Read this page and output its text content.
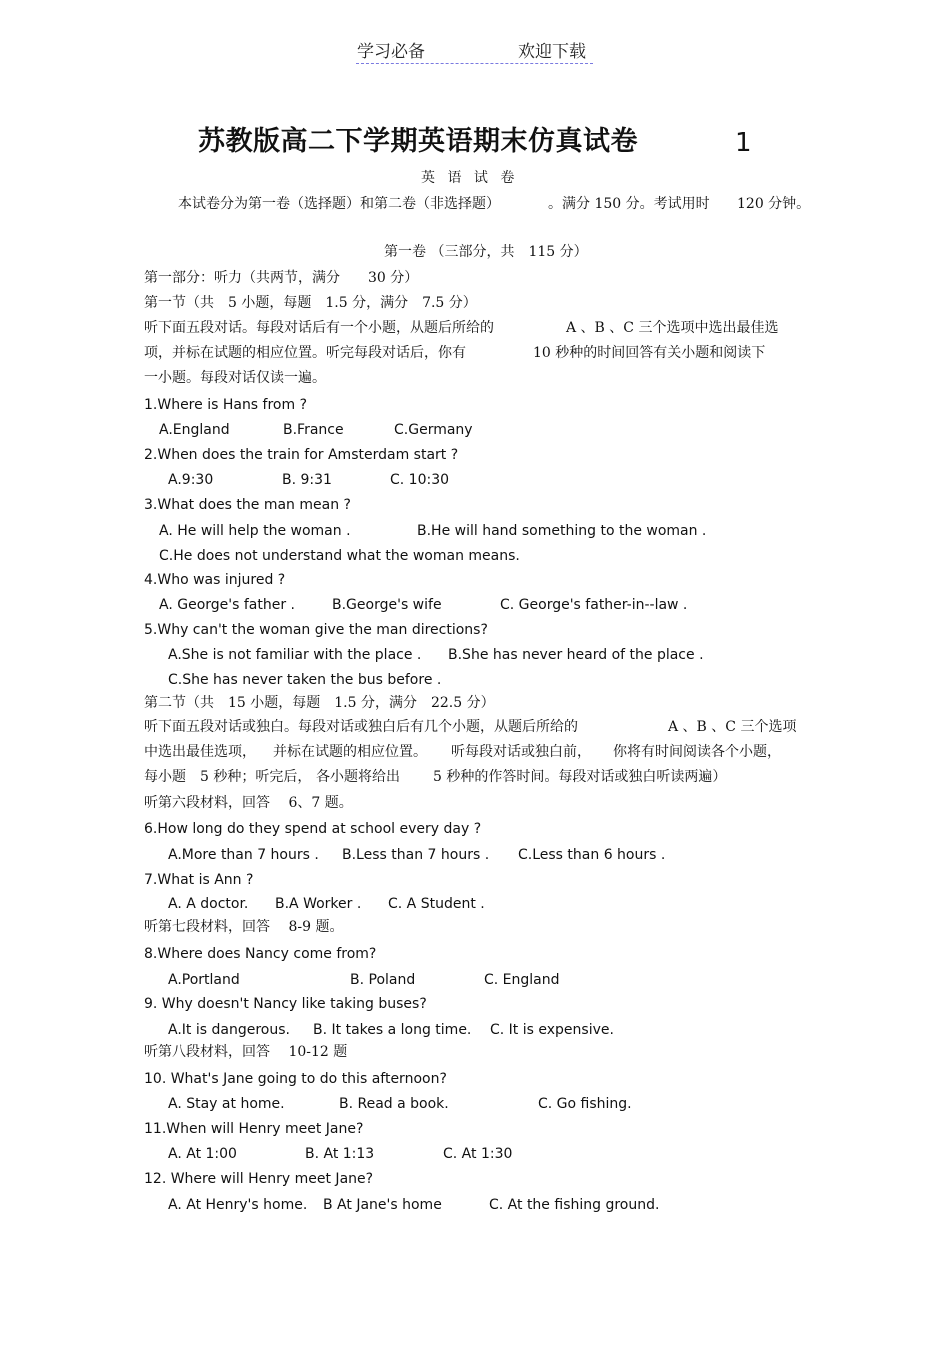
学习必备	欢迎下载
苏教版高二下学期英语期末仿真试卷	1
英 语 试 卷
本试卷分为第一卷（选择题）和第二卷（非选择题）	。满分 150 分。考试用时 120 分钟。
第一卷 （三部分，共　115 分）
第一部分：听力（共两节，满分　　30 分）
第一节（共　5 小题，每题　1.5 分，满分　7.5 分）
听下面五段对话。每段对话后有一个小题，从题后所给的	A 、B 、C 三个选项中选出最佳选
项，并标在试题的相应位置。听完每段对话后，你有	10 秒种的时间回答有关小题和阅读下
一小题。每段对话仅读一遍。
1.Where is Hans from ?
A.England	B.France	C.Germany
2.When does the train for Amsterdam start ?
A.9:30	B. 9:31	C. 10:30
3.What does the man mean ?
A. He will help the woman .	B.He will hand something to the woman .
C.He does not understand what the woman means.
4.Who was injured ?
A. George's father .	B.George's wife	C. George's father-in--law .
5.Why can't the woman give the man directions?
A.She is not familiar with the place . B.She has never heard of the place .
C.She has never taken the bus before .
第二节（共　15 小题，每题　1.5 分，满分　22.5 分）
听下面五段对话或独白。每段对话或独白后有几个小题，从题后所给的	A 、B 、C 三个选项
中选出最佳选项， 并标在试题的相应位置。 听每段对话或独白前， 你将有时间阅读各个小题，
每小题　5 秒种；听完后， 各小题将给出 5 秒种的作答时间。每段对话或独白听读两遍）
听第六段材料，回答　 6、7 题。
6.How long do they spend at school every day ?
A.More than 7 hours . B.Less than 7 hours . C.Less than 6 hours .
7.What is Ann ?
A. A doctor. B.A Worker . C. A Student .
听第七段材料，回答　 8-9 题。
8.Where does Nancy come from?
A.Portland	B. Poland	C. England
9. Why doesn't Nancy like taking buses?
A.It is dangerous. B. It takes a long time. C. It is expensive.
听第八段材料，回答　 10-12 题
10. What's Jane going to do this afternoon?
A. Stay at home.	B. Read a book.	C. Go fishing.
11.When will Henry meet Jane?
A. At 1:00	B. At 1:13	C. At 1:30
12. Where will Henry meet Jane?
A. At Henry's home. B At Jane's home	C. At the fishing ground.
